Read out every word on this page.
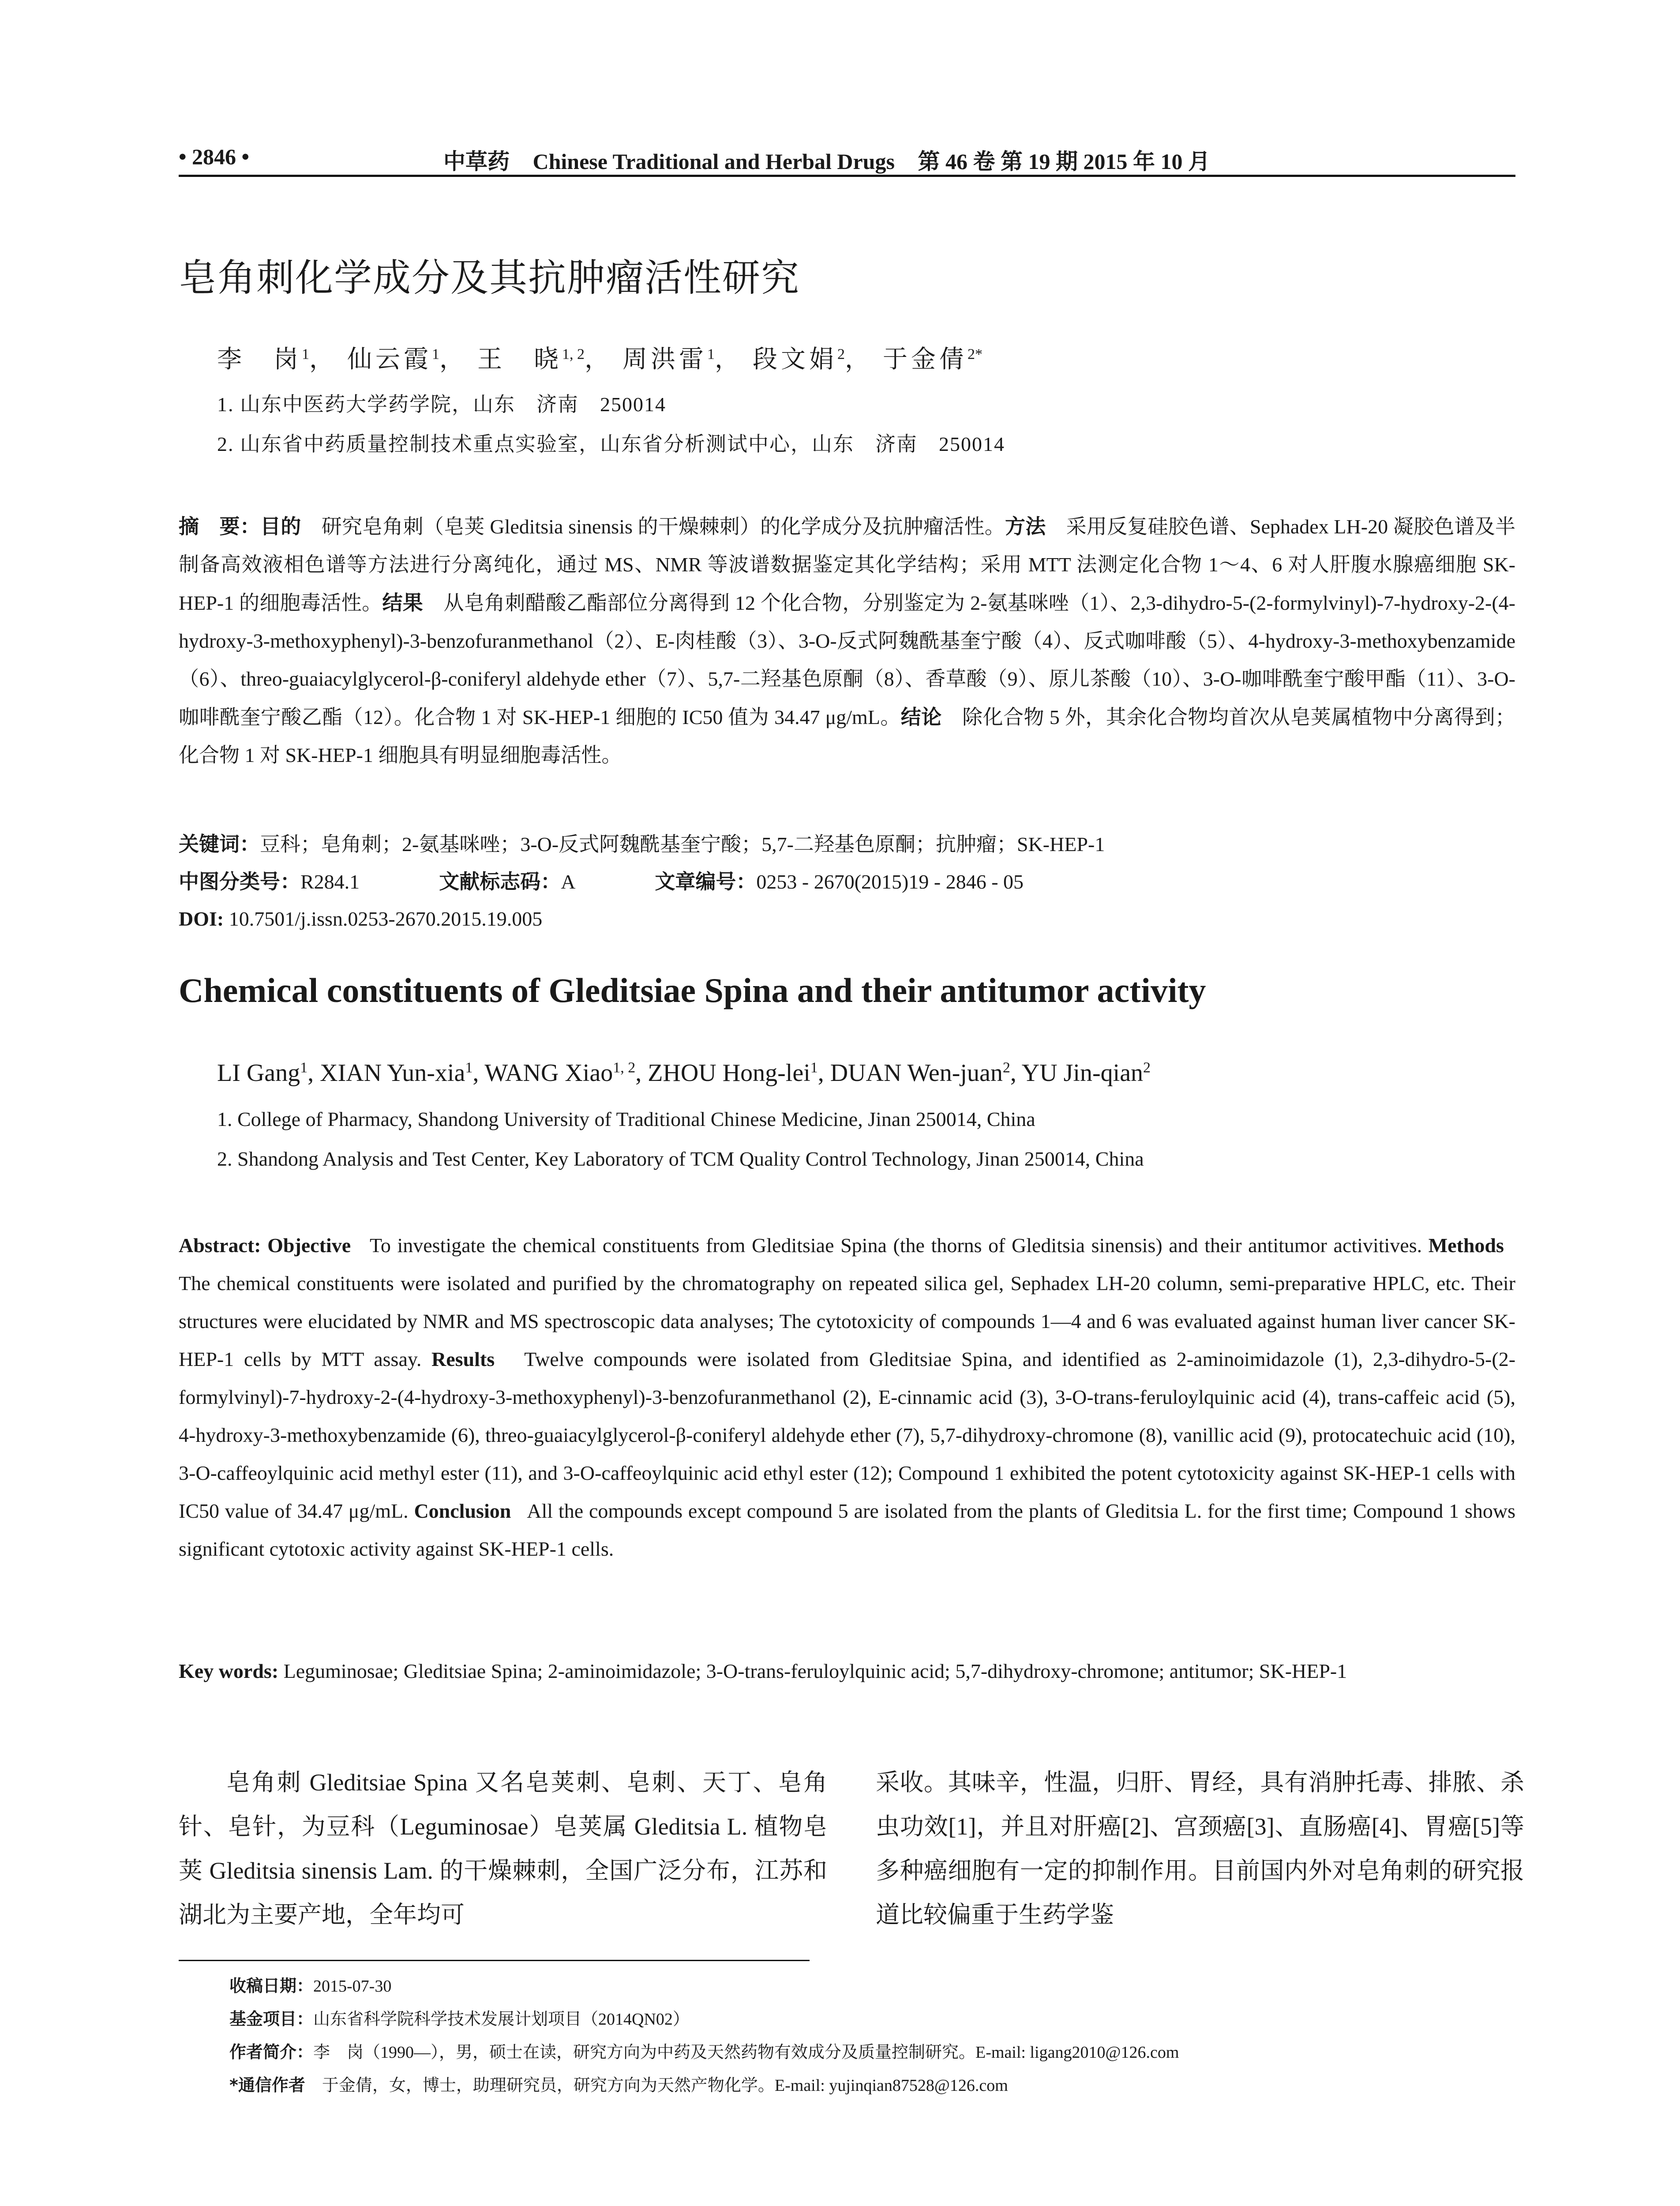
• 2846 •	中草药 Chinese Traditional and Herbal Drugs 第 46 卷 第 19 期 2015 年 10 月
皂角刺化学成分及其抗肿瘤活性研究
李　岗$^1$， 仙云霞$^1$， 王　晓$^{1, 2}$， 周洪雷$^1$， 段文娟$^2$， 于金倩$^{2*}$
1. 山东中医药大学药学院，山东　济南　250014
2. 山东省中药质量控制技术重点实验室，山东省分析测试中心，山东　济南　250014
摘　要：目的　 研究皂角刺（皂荚 Gleditsia sinensis 的干燥棘刺）的化学成分及抗肿瘤活性。方法　 采用反复硅胶色谱、Sephadex LH-20 凝胶色谱及半制备高效液相色谱等方法进行分离纯化，通过 MS、NMR 等波谱数据鉴定其化学结构；采用 MTT 法测定化合物 1～4、6 对人肝腹水腺癌细胞 SK-HEP-1 的细胞毒活性。结果　 从皂角刺醋酸乙酯部位分离得到 12 个化合物，分别鉴定为 2-氨基咪唑（1）、2,3-dihydro-5-(2-formylvinyl)-7-hydroxy-2-(4-hydroxy-3-methoxyphenyl)-3-benzofuranmethanol（2）、E-肉桂酸（3）、3-O-反式阿魏酰基奎宁酸（4）、反式咖啡酸（5）、4-hydroxy-3-methoxybenzamide（6）、threo-guaiacylglycerol-β-coniferyl aldehyde ether（7）、5,7-二羟基色原酮（8）、香草酸（9）、原儿茶酸（10）、3-O-咖啡酰奎宁酸甲酯（11）、3-O-咖啡酰奎宁酸乙酯（12）。化合物 1 对 SK-HEP-1 细胞的 IC50 值为 34.47 μg/mL。结论　 除化合物 5 外，其余化合物均首次从皂荚属植物中分离得到；化合物 1 对 SK-HEP-1 细胞具有明显细胞毒活性。
关键词：豆科；皂角刺；2-氨基咪唑；3-O-反式阿魏酰基奎宁酸；5,7-二羟基色原酮；抗肿瘤；SK-HEP-1
中图分类号：R284.1	文献标志码：A	文章编号：0253 - 2670(2015)19 - 2846 - 05
DOI: 10.7501/j.issn.0253-2670.2015.19.005
Chemical constituents of Gleditsiae Spina and their antitumor activity
LI Gang$^1$, XIAN Yun-xia$^1$, WANG Xiao$^{1, 2}$, ZHOU Hong-lei$^1$, DUAN Wen-juan$^2$, YU Jin-qian$^2$
1. College of Pharmacy, Shandong University of Traditional Chinese Medicine, Jinan 250014, China
2. Shandong Analysis and Test Center, Key Laboratory of TCM Quality Control Technology, Jinan 250014, China
Abstract: Objective To investigate the chemical constituents from Gleditsiae Spina (the thorns of Gleditsia sinensis) and their antitumor activitives. Methods   The chemical constituents were isolated and purified by the chromatography on repeated silica gel, Sephadex LH-20 column, semi-preparative HPLC, etc. Their structures were elucidated by NMR and MS spectroscopic data analyses; The cytotoxicity of compounds 1—4 and 6 was evaluated against human liver cancer SK-HEP-1 cells by MTT assay. Results Twelve compounds were isolated from Gleditsiae Spina, and identified as 2-aminoimidazole (1), 2,3-dihydro-5-(2-formylvinyl)-7-hydroxy-2-(4-hydroxy-3-methoxyphenyl)-3-benzofuranmethanol (2), E-cinnamic acid (3), 3-O-trans-feruloylquinic acid (4), trans-caffeic acid (5), 4-hydroxy-3-methoxybenzamide (6), threo-guaiacylglycerol-β-coniferyl aldehyde ether (7), 5,7-dihydroxy-chromone (8), vanillic acid (9), protocatechuic acid (10), 3-O-caffeoylquinic acid methyl ester (11), and 3-O-caffeoylquinic acid ethyl ester (12); Compound 1 exhibited the potent cytotoxicity against SK-HEP-1 cells with IC50 value of 34.47 μg/mL. Conclusion All the compounds except compound 5 are isolated from the plants of Gleditsia L. for the first time; Compound 1 shows significant cytotoxic activity against SK-HEP-1 cells.
Key words: Leguminosae; Gleditsiae Spina; 2-aminoimidazole; 3-O-trans-feruloylquinic acid; 5,7-dihydroxy-chromone; antitumor; SK-HEP-1
皂角刺 Gleditsiae Spina 又名皂荚刺、皂刺、天丁、皂角针、皂针，为豆科（Leguminosae）皂荚属 Gleditsia L. 植物皂荚 Gleditsia sinensis Lam. 的干燥棘刺，全国广泛分布，江苏和湖北为主要产地，全年均可
采收。其味辛，性温，归肝、胃经，具有消肿托毒、排脓、杀虫功效[1]，并且对肝癌[2]、宫颈癌[3]、直肠癌[4]、胃癌[5]等多种癌细胞有一定的抑制作用。目前国内外对皂角刺的研究报道比较偏重于生药学鉴
收稿日期：2015-07-30
基金项目：山东省科学院科学技术发展计划项目（2014QN02）
作者简介：李　岗（1990—），男，硕士在读，研究方向为中药及天然药物有效成分及质量控制研究。E-mail: ligang2010@126.com
*通信作者　 于金倩，女，博士，助理研究员，研究方向为天然产物化学。E-mail: yujinqian87528@126.com
